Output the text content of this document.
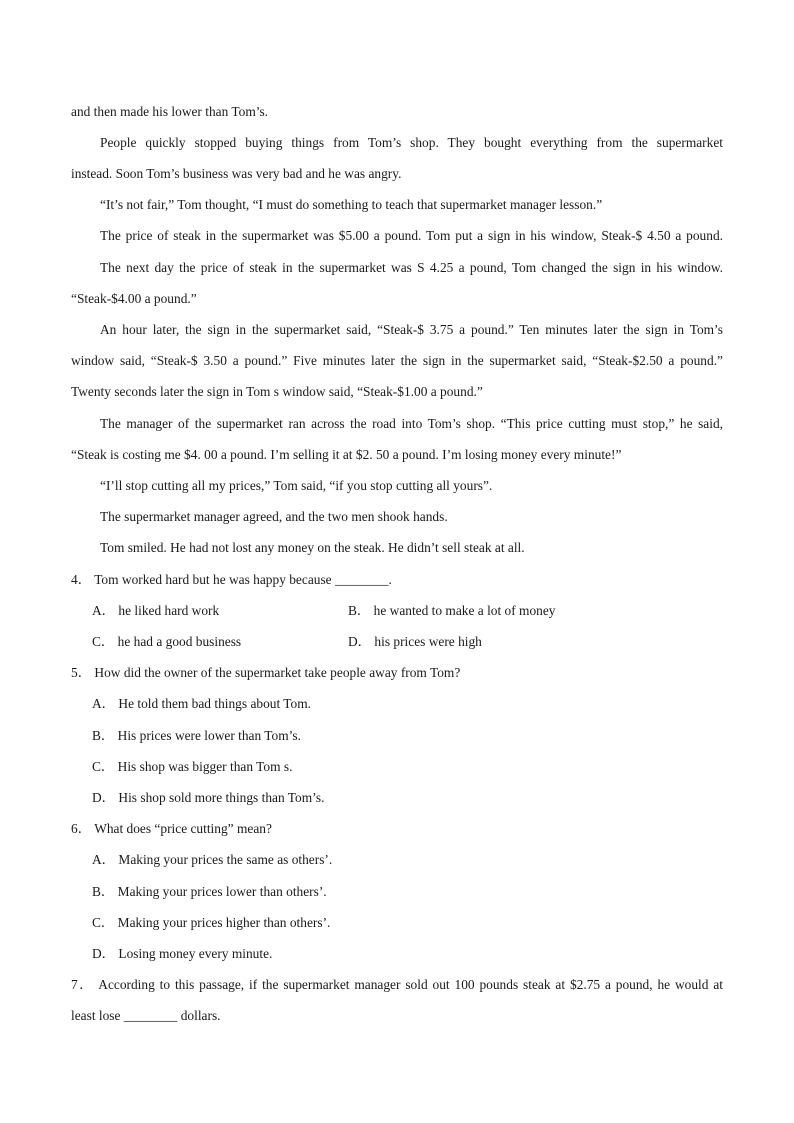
and then made his lower than Tom’s.
People quickly stopped buying things from Tom’s shop. They bought everything from the supermarket
instead. Soon Tom’s business was very bad and he was angry.
“It’s not fair,” Tom thought, “I must do something to teach that supermarket manager lesson.”
The price of steak in the supermarket was $5.00 a pound. Tom put a sign in his window, Steak-$ 4.50 a pound.
The next day the price of steak in the supermarket was S 4.25 a pound, Tom changed the sign in his window.
“Steak-$4.00 a pound.”
An hour later, the sign in the supermarket said, “Steak-$ 3.75 a pound.” Ten minutes later the sign in Tom’s
window said, “Steak-$ 3.50 a pound.” Five minutes later the sign in the supermarket said, “Steak-$2.50 a pound.”
Twenty seconds later the sign in Tom s window said, “Steak-$1.00 a pound.”
The manager of the supermarket ran across the road into Tom’s shop. “This price cutting must stop,” he said,
“Steak is costing me $4. 00 a pound. I’m selling it at $2. 50 a pound. I’m losing money every minute!”
“I’ll stop cutting all my prices,” Tom said, “if you stop cutting all yours”.
The supermarket manager agreed, and the two men shook hands.
Tom smiled. He had not lost any money on the steak. He didn’t sell steak at all.
4． Tom worked hard but he was happy because ________.
A． he liked hard work	B． he wanted to make a lot of money
C． he had a good business	D． his prices were high
5． How did the owner of the supermarket take people away from Tom?
A． He told them bad things about Tom.
B． His prices were lower than Tom’s.
C． His shop was bigger than Tom s.
D． His shop sold more things than Tom’s.
6． What does “price cutting” mean?
A． Making your prices the same as others’.
B． Making your prices lower than others’.
C． Making your prices higher than others’.
D． Losing money every minute.
7． According to this passage, if the supermarket manager sold out 100 pounds steak at $2.75 a pound, he would at
least lose ________ dollars.
